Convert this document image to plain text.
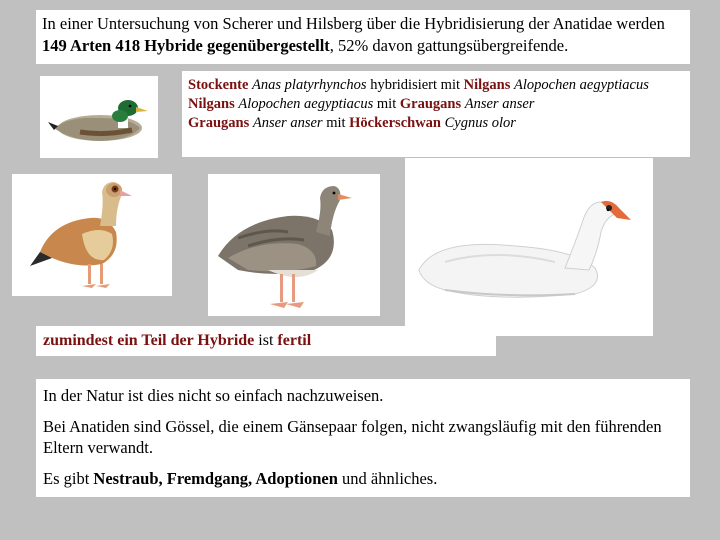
In einer Untersuchung von Scherer und Hilsberg über die Hybridisierung der Anatidae werden 149 Arten 418 Hybride gegenübergestellt, 52% davon gattungsübergreifende.
Stockente Anas platyrhynchos hybridisiert mit Nilgans Alopochen aegyptiacus
Nilgans Alopochen aegyptiacus mit Graugans Anser anser
Graugans Anser anser mit Höckerschwan Cygnus olor
zumindest ein Teil der Hybride ist fertil

In der Natur ist dies nicht so einfach nachzuweisen.

Bei Anatiden sind Gössel, die einem Gänsepaar folgen, nicht zwangsläufig mit den führenden Eltern verwandt.

Es gibt Nestraub, Fremdgang, Adoptionen und ähnliches.
